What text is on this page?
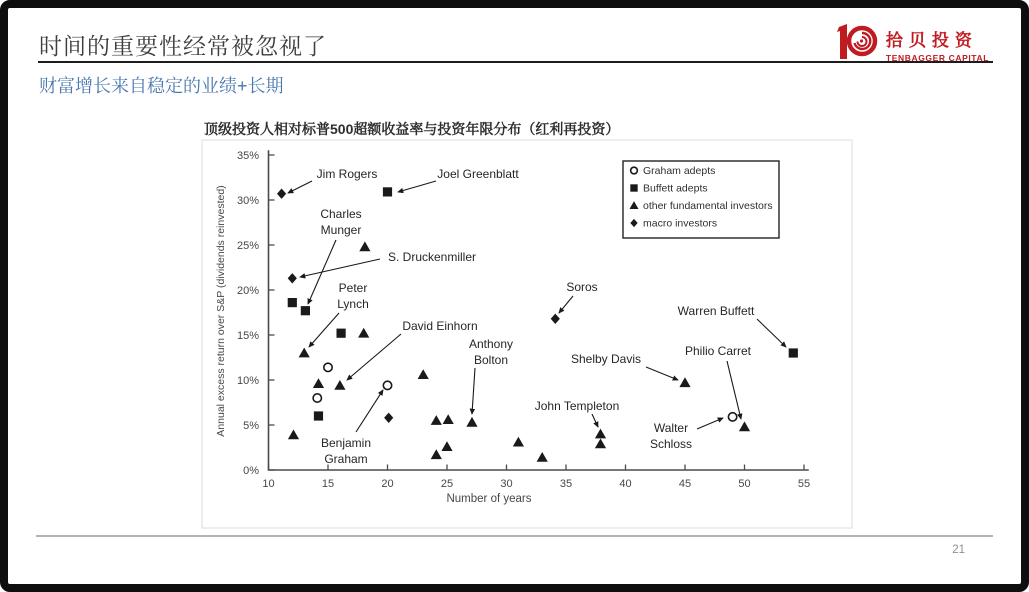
时间的重要性经常被忽视了
财富增长来自稳定的业绩+长期
拾贝投资
TENBAGGER CAPITAL
顶级投资人相对标普500超额收益率与投资年限分布（红利再投资）
0%
5%
10%
15%
20%
25%
30%
35%
10	15	20	25	30	35	40	45	50	55
Number of years
Annual excess return over S&P (dividends reinvested)
Graham adepts
Buffett adepts
other fundamental investors
macro investors
Jim Rogers	Joel Greenblatt
Charles
Munger
S. Druckenmiller
Peter
Lynch
David Einhorn
Anthony
Bolton
Benjamin
Graham
Soros
Shelby Davis
John Templeton
Walter
Schloss
Philio Carret
Warren Buffett
21
